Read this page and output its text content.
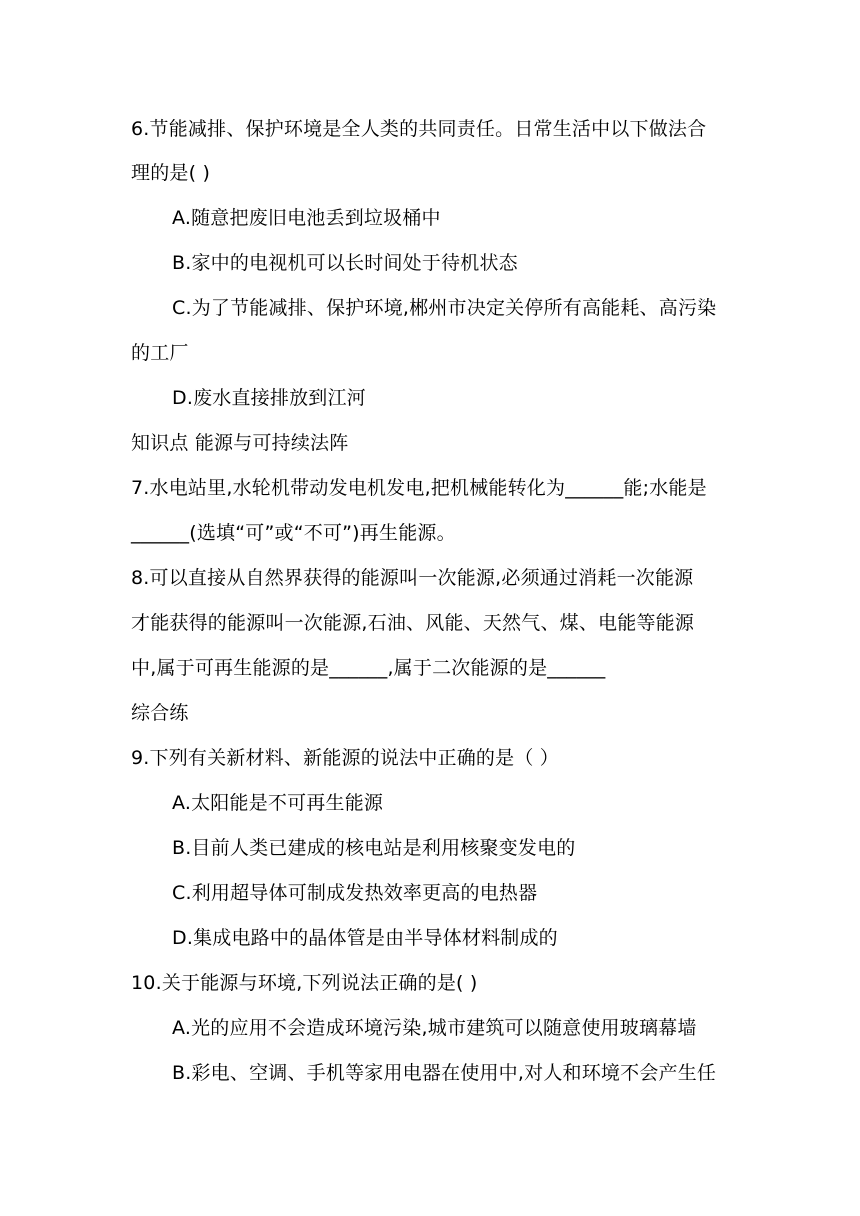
6.节能减排、保护环境是全人类的共同责任。日常生活中以下做法合
理的是( )
A.随意把废旧电池丢到垃圾桶中
B.家中的电视机可以长时间处于待机状态
C.为了节能减排、保护环境,郴州市决定关停所有高能耗、高污染
的工厂
D.废水直接排放到江河
知识点 能源与可持续法阵
7.水电站里,水轮机带动发电机发电,把机械能转化为______能;水能是
______(选填“可”或“不可”)再生能源。
8.可以直接从自然界获得的能源叫一次能源,必须通过消耗一次能源
才能获得的能源叫一次能源,石油、风能、天然气、煤、电能等能源
中,属于可再生能源的是______,属于二次能源的是______
综合练
9.下列有关新材料、新能源的说法中正确的是（ ）
A.太阳能是不可再生能源
B.目前人类已建成的核电站是利用核聚变发电的
C.利用超导体可制成发热效率更高的电热器
D.集成电路中的晶体管是由半导体材料制成的
10.关于能源与环境,下列说法正确的是( )
A.光的应用不会造成环境污染,城市建筑可以随意使用玻璃幕墙
B.彩电、空调、手机等家用电器在使用中,对人和环境不会产生任
